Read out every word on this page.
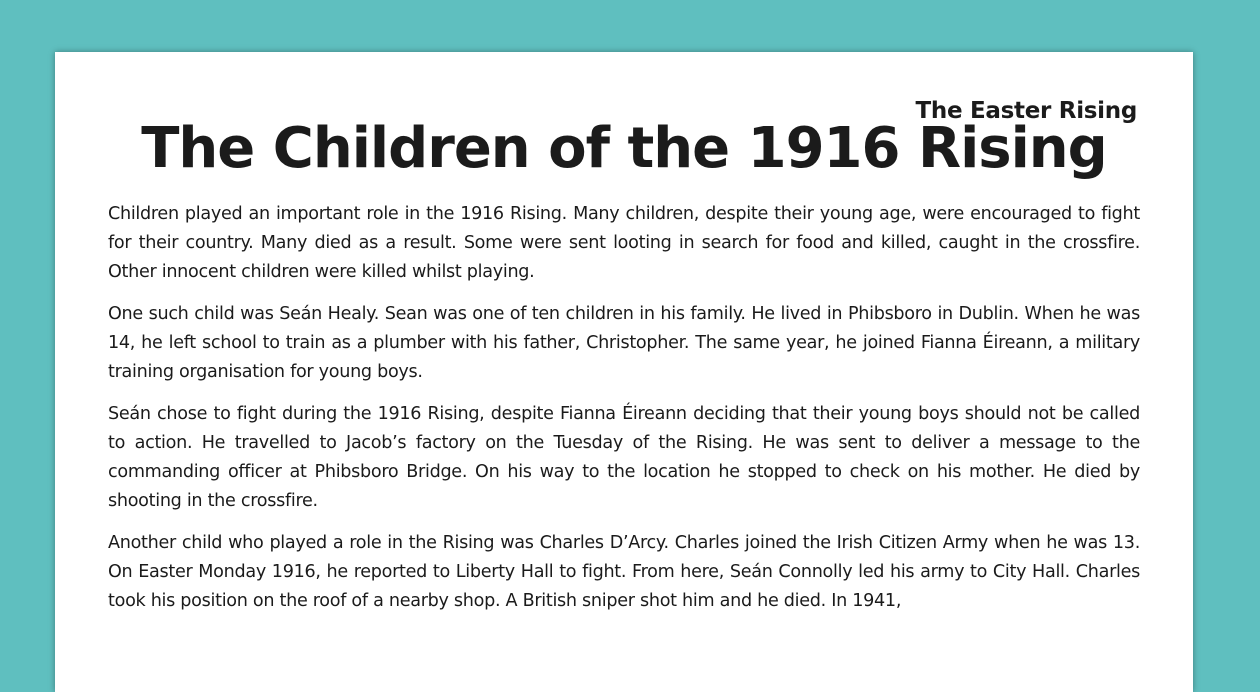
The Easter Rising
The Children of the 1916 Rising

Children played an important role in the 1916 Rising. Many children, despite their young age, were encouraged to fight for their country. Many died as a result. Some were sent looting in search for food and killed, caught in the crossfire. Other innocent children were killed whilst playing.

One such child was Seán Healy. Sean was one of ten children in his family. He lived in Phibsboro in Dublin. When he was 14, he left school to train as a plumber with his father, Christopher. The same year, he joined Fianna Éireann, a military training organisation for young boys.

Seán chose to fight during the 1916 Rising, despite Fianna Éireann deciding that their young boys should not be called to action. He travelled to Jacob’s factory on the Tuesday of the Rising. He was sent to deliver a message to the commanding officer at Phibsboro Bridge. On his way to the location he stopped to check on his mother. He died by shooting in the crossfire.

Another child who played a role in the Rising was Charles D’Arcy. Charles joined the Irish Citizen Army when he was 13. On Easter Monday 1916, he reported to Liberty Hall to fight. From here, Seán Connolly led his army to City Hall. Charles took his position on the roof of a nearby shop. A British sniper shot him and he died. In 1941,
